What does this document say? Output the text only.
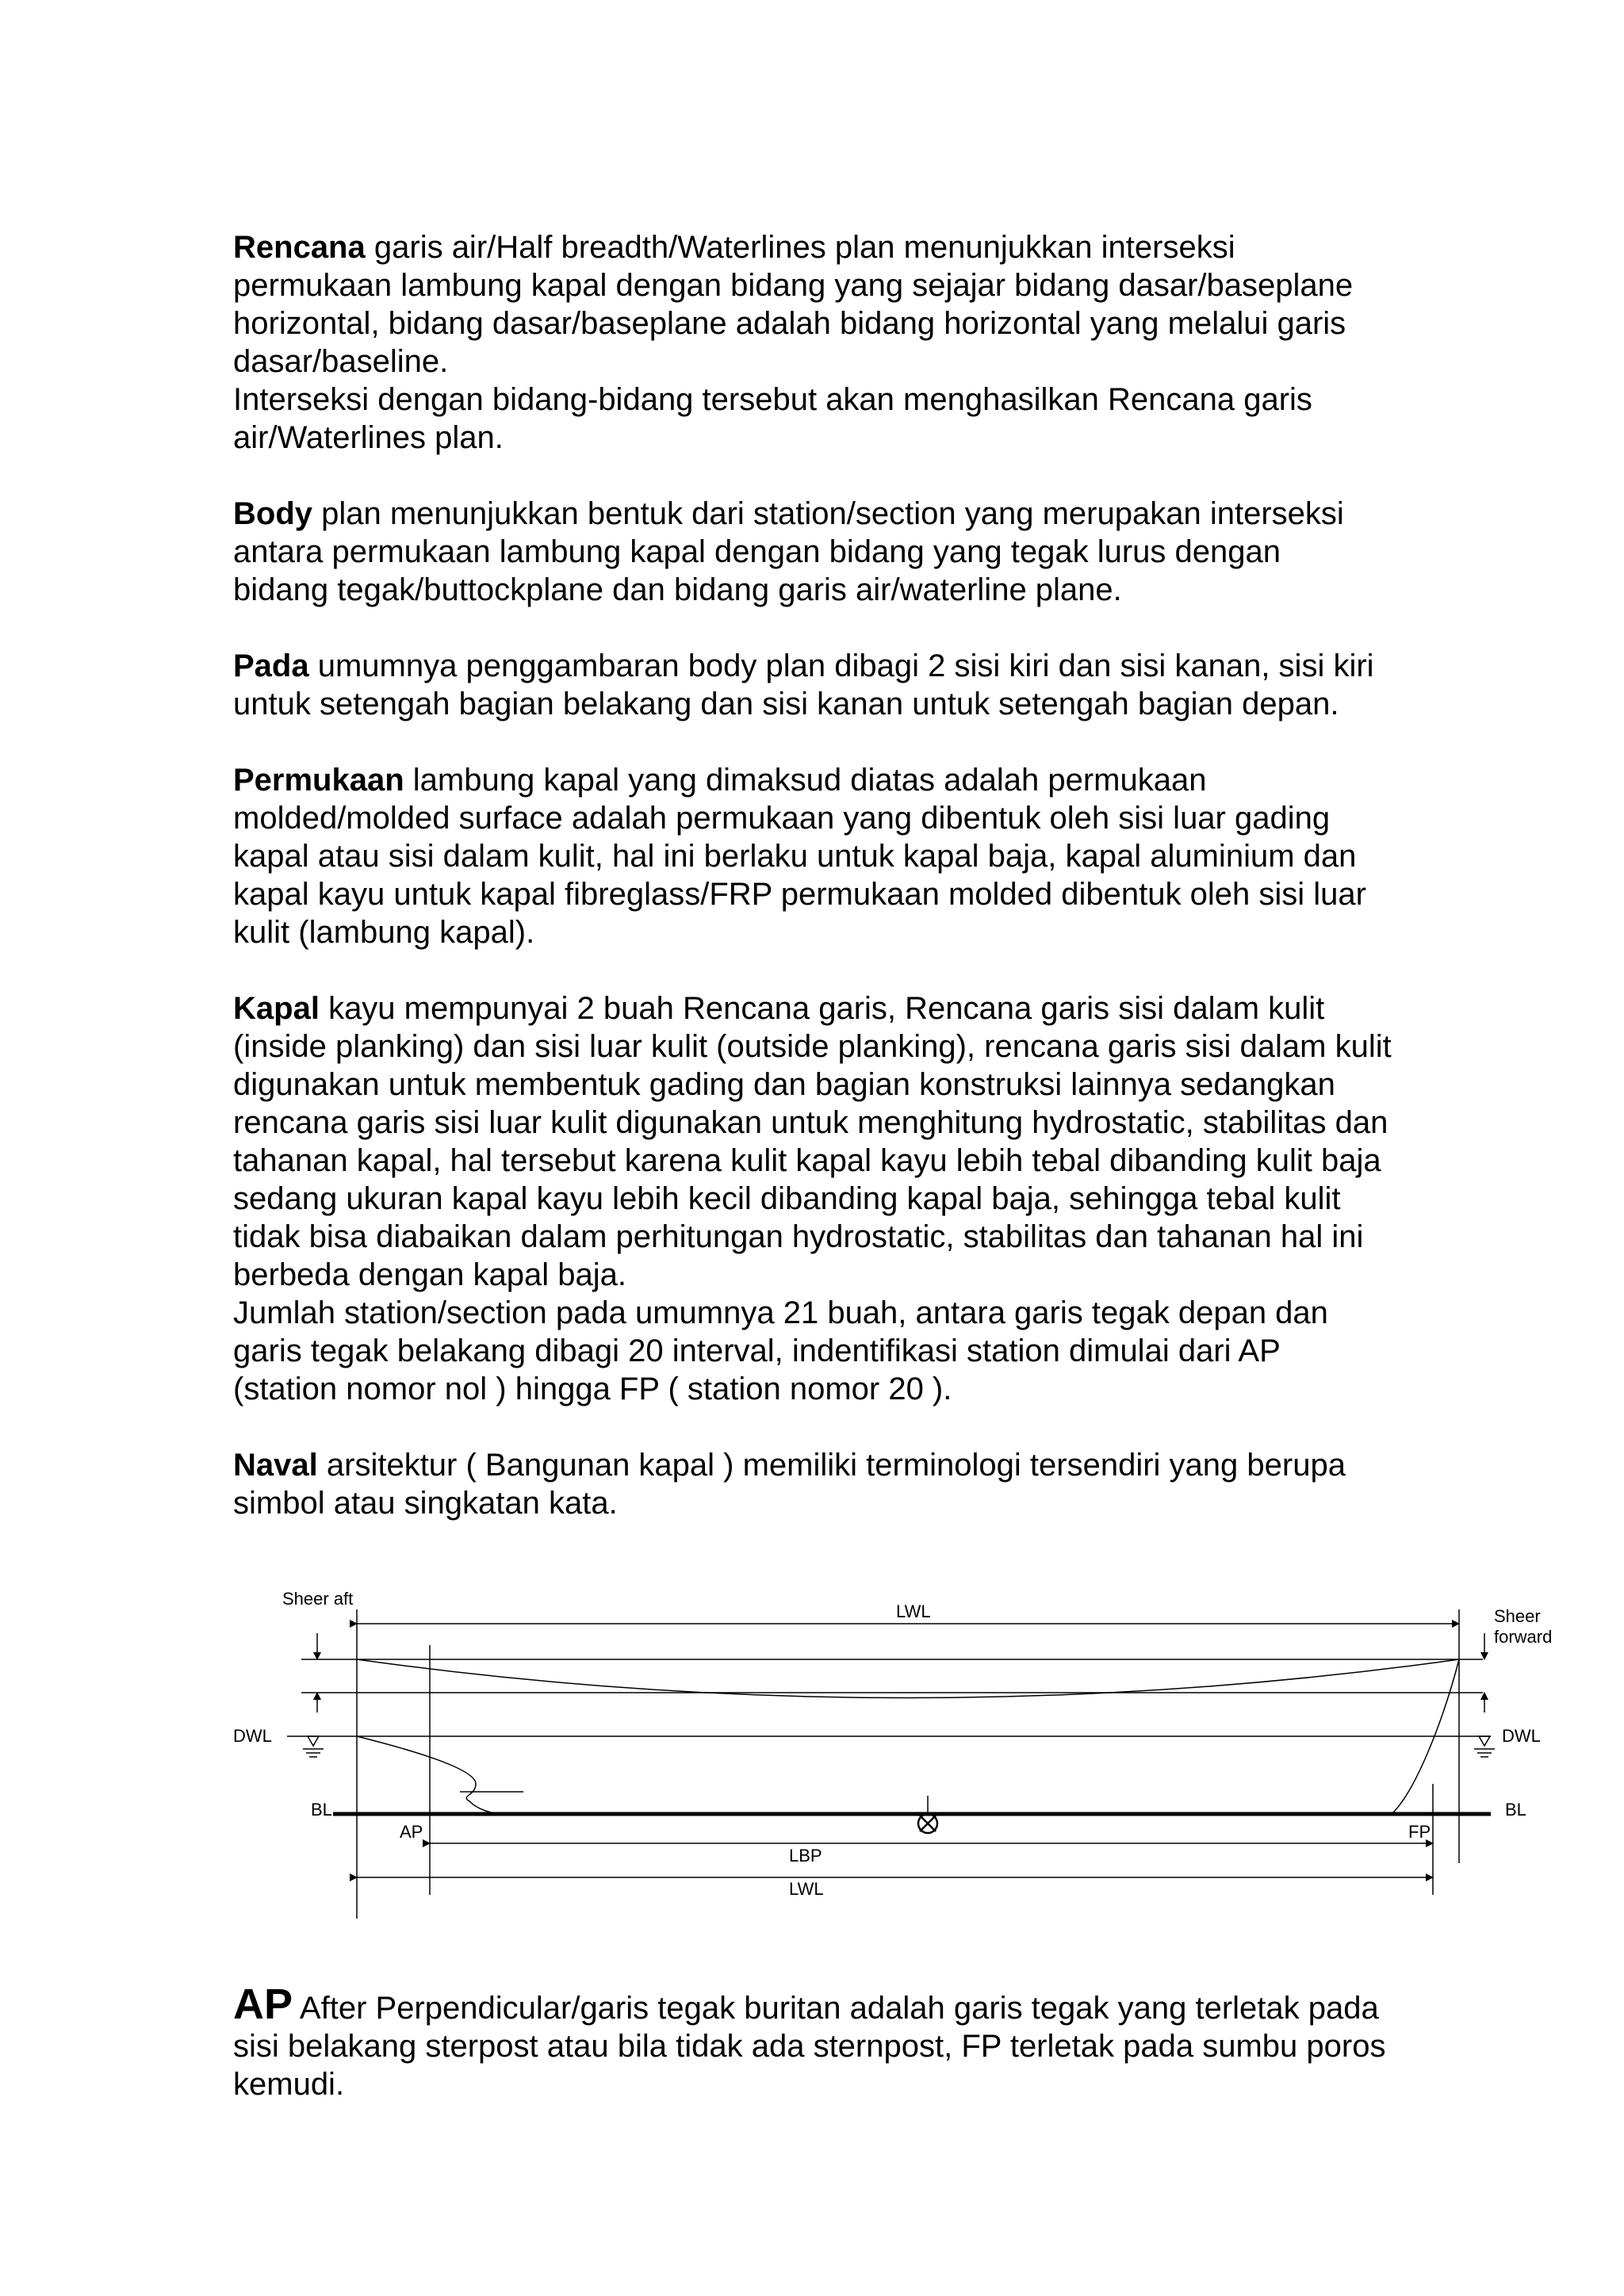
Rencana garis air/Half breadth/Waterlines plan menunjukkan interseksi
permukaan lambung kapal dengan bidang yang sejajar bidang dasar/baseplane
horizontal, bidang dasar/baseplane adalah bidang horizontal yang melalui garis
dasar/baseline.
Interseksi dengan bidang-bidang tersebut akan menghasilkan Rencana garis
air/Waterlines plan.

Body plan menunjukkan bentuk dari station/section yang merupakan interseksi
antara permukaan lambung kapal dengan bidang yang tegak lurus dengan
bidang tegak/buttockplane dan bidang garis air/waterline plane.

Pada umumnya penggambaran body plan dibagi 2 sisi kiri dan sisi kanan, sisi kiri
untuk setengah bagian belakang dan sisi kanan untuk setengah bagian depan.

Permukaan lambung kapal yang dimaksud diatas adalah permukaan
molded/molded surface adalah permukaan yang dibentuk oleh sisi luar gading
kapal atau sisi dalam kulit, hal ini berlaku untuk kapal baja, kapal aluminium dan
kapal kayu untuk kapal fibreglass/FRP permukaan molded dibentuk oleh sisi luar
kulit (lambung kapal).

Kapal kayu mempunyai 2 buah Rencana garis, Rencana garis sisi dalam kulit
(inside planking) dan sisi luar kulit (outside planking), rencana garis sisi dalam kulit
digunakan untuk membentuk gading dan bagian konstruksi lainnya sedangkan
rencana garis sisi luar kulit digunakan untuk menghitung hydrostatic, stabilitas dan
tahanan kapal, hal tersebut karena kulit kapal kayu lebih tebal dibanding kulit baja
sedang ukuran kapal kayu lebih kecil dibanding kapal baja, sehingga tebal kulit
tidak bisa diabaikan dalam perhitungan hydrostatic, stabilitas dan tahanan hal ini
berbeda dengan kapal baja.
Jumlah station/section pada umumnya 21 buah, antara garis tegak depan dan
garis tegak belakang dibagi 20 interval, indentifikasi station dimulai dari AP
(station nomor nol ) hingga FP ( station nomor 20 ).

Naval arsitektur ( Bangunan kapal ) memiliki terminologi tersendiri yang berupa
simbol atau singkatan kata.

Sheer aft
LWL	Sheer
forward
DWL	DWL
BL	BL
AP	FP
LBP
LWL
AP After Perpendicular/garis tegak buritan adalah garis tegak yang terletak pada
sisi belakang sterpost atau bila tidak ada sternpost, FP terletak pada sumbu poros
kemudi.
